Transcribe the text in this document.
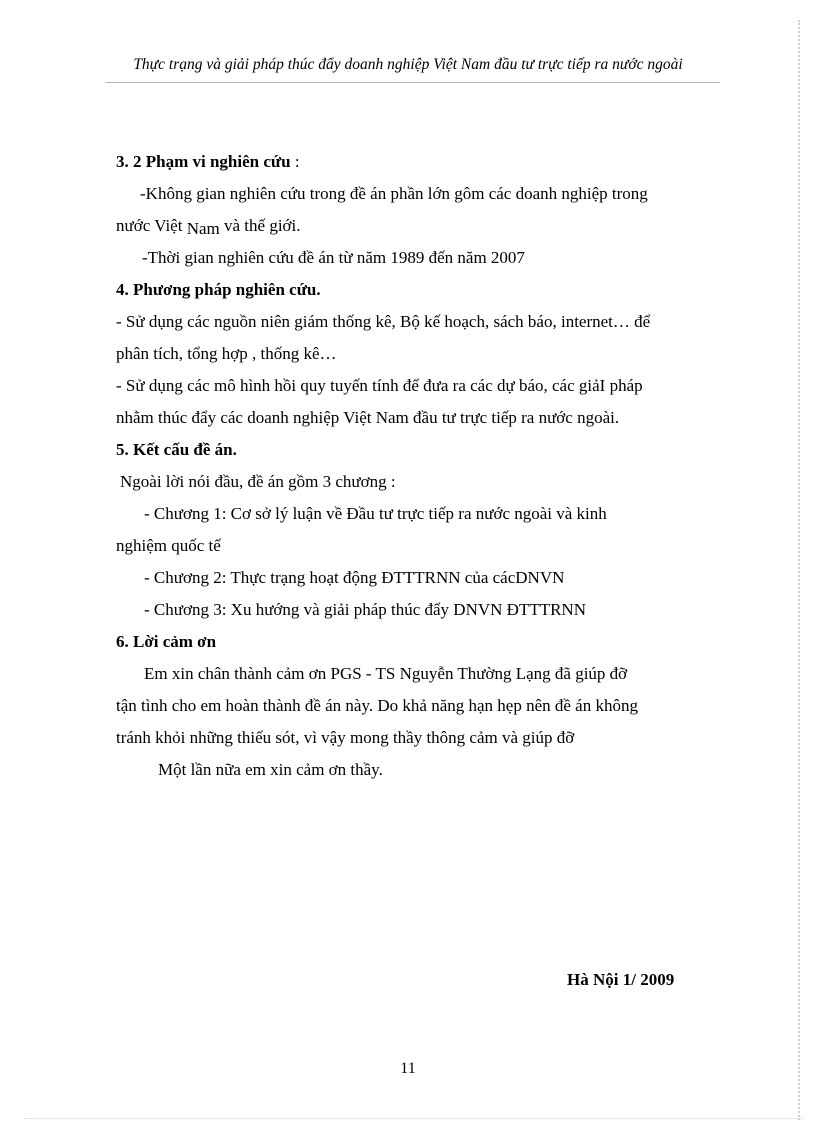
Thực trạng và giải pháp thúc đẩy doanh nghiệp Việt Nam đầu tư trực tiếp ra nước ngoài
3. 2 Phạm vi nghiên cứu :
-Không gian nghiên cứu trong đề án phần lớn gôm các doanh nghiệp trong
nước Việt Nam và thế giới.
-Thời gian nghiên cứu đề án từ năm 1989 đến năm 2007
4. Phương pháp nghiên cứu.
- Sử dụng các nguồn niên giám thống kê, Bộ kế hoạch, sách báo, internet… để
phân tích, tổng hợp , thống kê…
- Sử dụng các mô hình hồi quy tuyến tính để đưa ra các dự báo, các giảI pháp
nhằm thúc đẩy các doanh nghiệp Việt Nam đầu tư trực tiếp ra nước ngoài.
5. Kết cấu đề án.
Ngoài lời nói đầu, đề án gồm 3 chương :
- Chương 1: Cơ sở lý luận về Đầu tư trực tiếp ra nước ngoài và kinh
nghiệm quốc tế
- Chương 2: Thực trạng hoạt động ĐTTTRNN của cácDNVN
- Chương 3: Xu hướng và giải pháp thúc đẩy DNVN ĐTTTRNN
6. Lời cảm ơn
Em xin chân thành cảm ơn PGS - TS Nguyễn Thường Lạng đã giúp đỡ
tận tình cho em hoàn thành đề án này. Do khả năng hạn hẹp nên đề án không
tránh khỏi những thiếu sót, vì vậy mong thầy thông cảm và giúp đỡ
Một lần nữa em xin cảm ơn thầy.
Hà Nội 1/ 2009
11
